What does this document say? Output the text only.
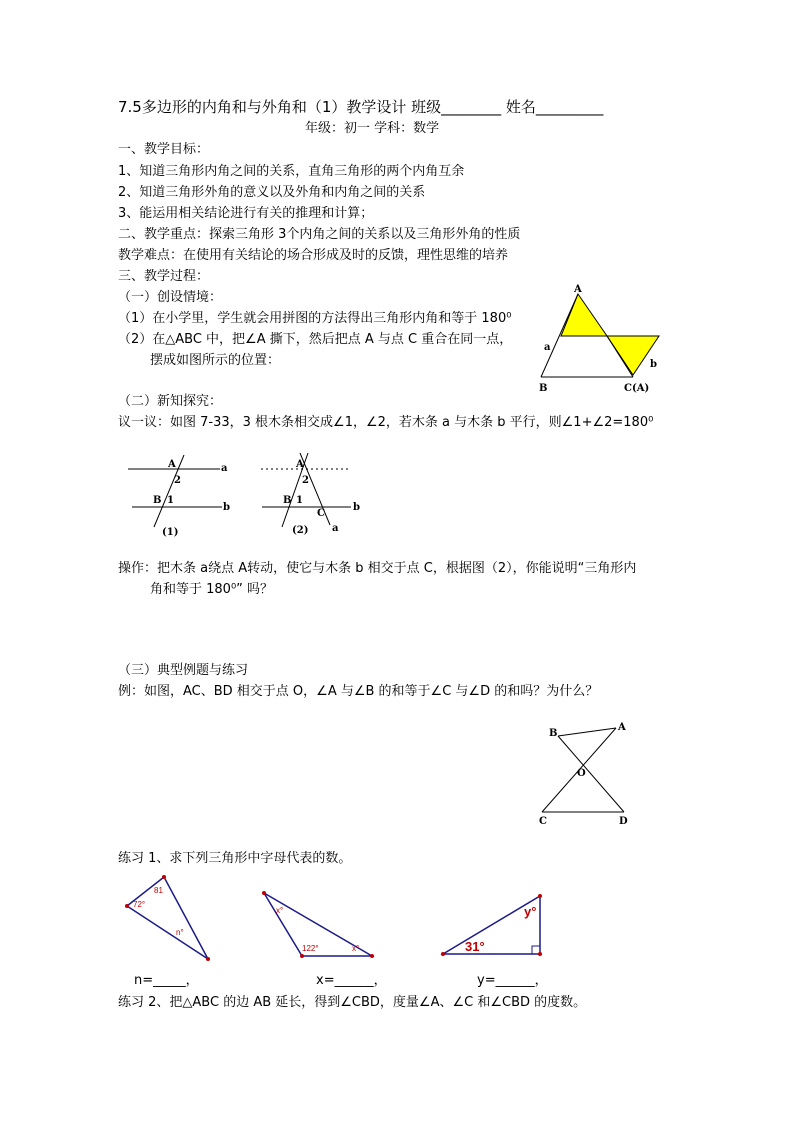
7.5多边形的内角和与外角和（1）教学设计 班级________ 姓名_________
年级：初一 学科：数学
一、教学目标：
1、知道三角形内角之间的关系，直角三角形的两个内角互余
2、知道三角形外角的意义以及外角和内角之间的关系
3、能运用相关结论进行有关的推理和计算；
二、教学重点：探索三角形 3个内角之间的关系以及三角形外角的性质
教学难点：在使用有关结论的场合形成及时的反馈，理性思维的培养
三、教学过程：
（一）创设情境：
（1）在小学里，学生就会用拼图的方法得出三角形内角和等于 180⁰
（2）在△ABC 中，把∠A 撕下，然后把点 A 与点 C 重合在同一点，
摆成如图所示的位置：
（二）新知探究：
议一议：如图 7-33，3 根木条相交成∠1，∠2，若木条 a 与木条 b 平行，则∠1+∠2=180⁰
操作：把木条 a绕点 A转动，使它与木条 b 相交于点 C，根据图（2），你能说明“三角形内
角和等于 180⁰” 吗？
（三）典型例题与练习
例：如图，AC、BD 相交于点 O，∠A 与∠B 的和等于∠C 与∠D 的和吗？为什么？
练习 1、求下列三角形中字母代表的数。
练习 2、把△ABC 的边 AB 延长，得到∠CBD，度量∠A、∠C 和∠CBD 的度数。
n=_____，	x=______，	y=______，
A
a
b
B	C(A)
A	a
2
B 1
b
(1)
A
2
B 1
b
C
a
(2)
B
A
O
C	D
81
72°
n°
x°
122°	x°
y°
31°
